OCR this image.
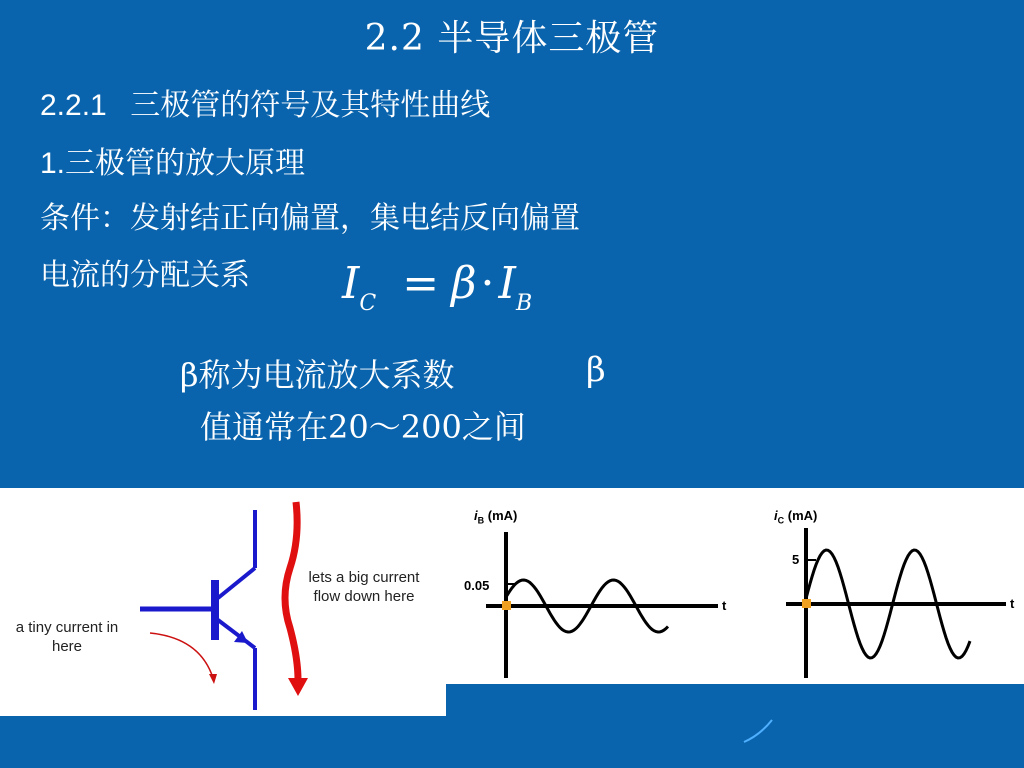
2.2 半导体三极管
2.2.1 三极管的符号及其特性曲线
1.三极管的放大原理
条件：发射结正向偏置，集电结反向偏置
电流的分配关系 $I_C = \beta\cdot I_B$
β称为电流放大系数	β
值通常在20～200之间
a tiny current in here
lets a big current flow down here
$i_B$ (mA)
0.05
t
$i_C$ (mA)
5
t
